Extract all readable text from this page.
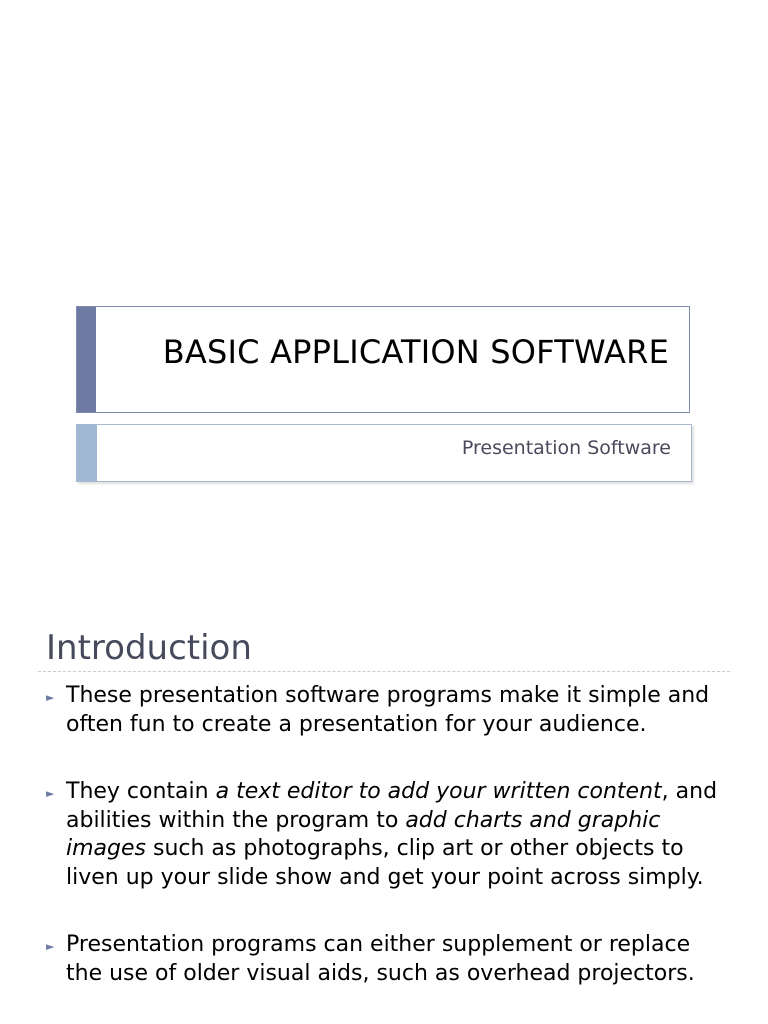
BASIC APPLICATION SOFTWARE
Presentation Software
Introduction
► These presentation software programs make it simple and often fun to create a presentation for your audience.
► They contain a text editor to add your written content, and abilities within the program to add charts and graphic images such as photographs, clip art or other objects to liven up your slide show and get your point across simply.
► Presentation programs can either supplement or replace the use of older visual aids, such as overhead projectors.
